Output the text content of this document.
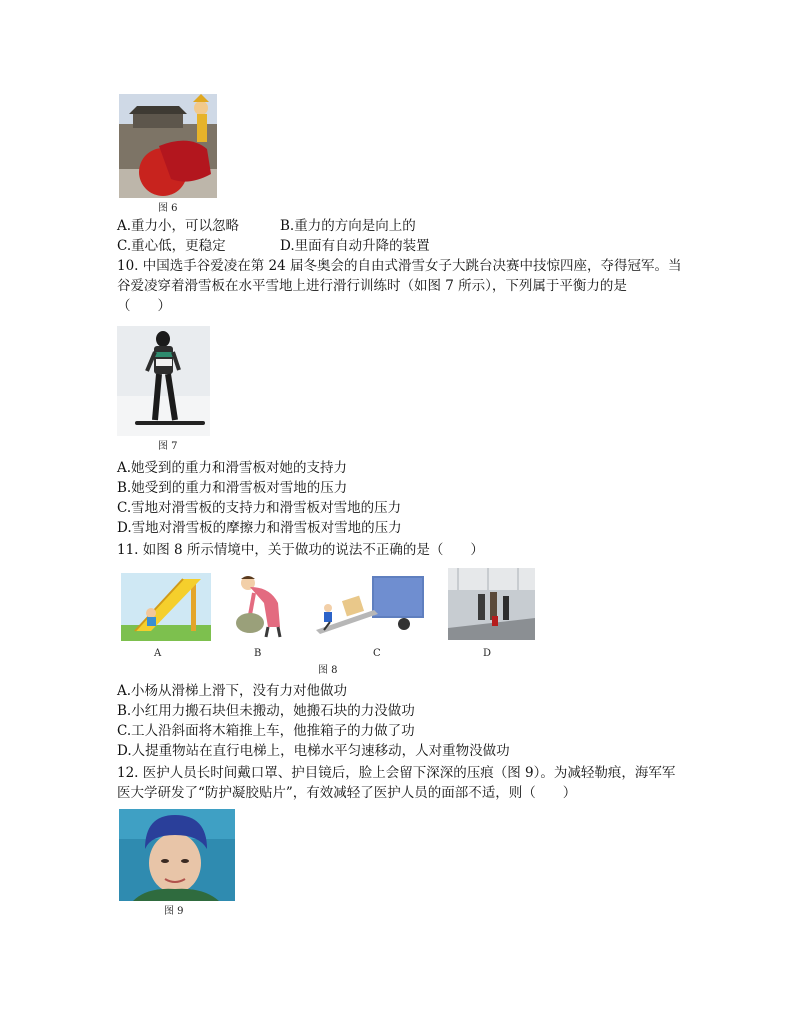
图 6
A.重力小，可以忽略	B.重力的方向是向上的
C.重心低，更稳定	D.里面有自动升降的装置
10. 中国选手谷爱凌在第 24 届冬奥会的自由式滑雪女子大跳台决赛中技惊四座，夺得冠军。当
谷爱凌穿着滑雪板在水平雪地上进行滑行训练时（如图 7 所示），下列属于平衡力的是
（　　）
图 7
A.她受到的重力和滑雪板对她的支持力
B.她受到的重力和滑雪板对雪地的压力
C.雪地对滑雪板的支持力和滑雪板对雪地的压力
D.雪地对滑雪板的摩擦力和滑雪板对雪地的压力
11. 如图 8 所示情境中，关于做功的说法不正确的是（　　）
A	B	C	D
图 8
A.小杨从滑梯上滑下，没有力对他做功
B.小红用力搬石块但未搬动，她搬石块的力没做功
C.工人沿斜面将木箱推上车，他推箱子的力做了功
D.人提重物站在直行电梯上，电梯水平匀速移动，人对重物没做功
12. 医护人员长时间戴口罩、护目镜后，脸上会留下深深的压痕（图 9）。为减轻勒痕，海军军
医大学研发了“防护凝胶贴片”，有效减轻了医护人员的面部不适，则（　　）
图 9
